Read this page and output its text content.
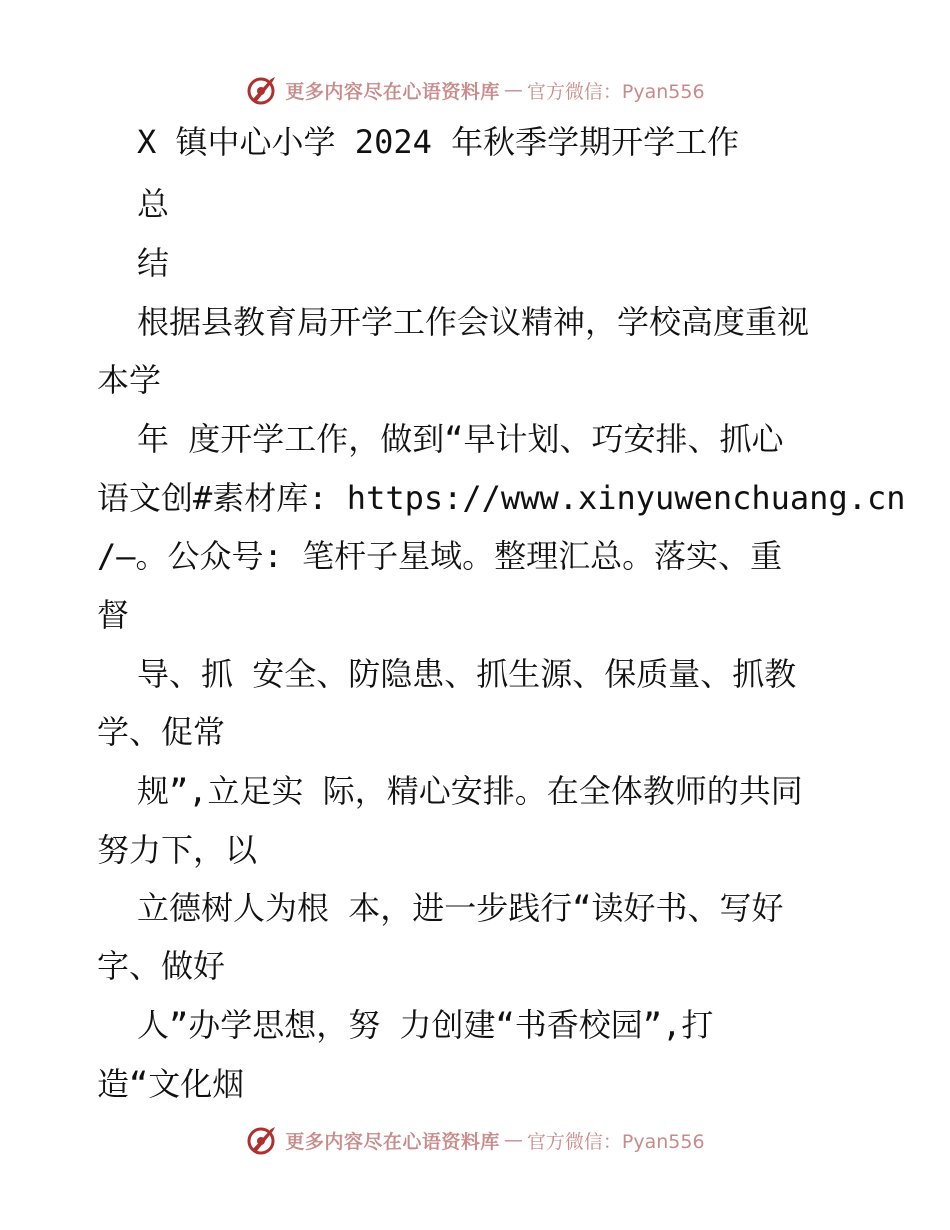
更多内容尽在心语资料库 — 官方微信：Pyan556
X 镇中心小学 2024 年秋季学期开学工作
总
结
根据县教育局开学工作会议精神，学校高度重视
本学
年 度开学工作，做到“早计划、巧安排、抓心
语文创#素材库: https://www.xinyuwenchuang.cn
/—。公众号: 笔杆子星域。整理汇总。落实、重
督
导、抓 安全、防隐患、抓生源、保质量、抓教
学、促常
规”,立足实 际，精心安排。在全体教师的共同
努力下，以
立德树人为根 本，进一步践行“读好书、写好
字、做好
人”办学思想，努 力创建“书香校园”,打
造“文化烟
更多内容尽在心语资料库 — 官方微信：Pyan556
